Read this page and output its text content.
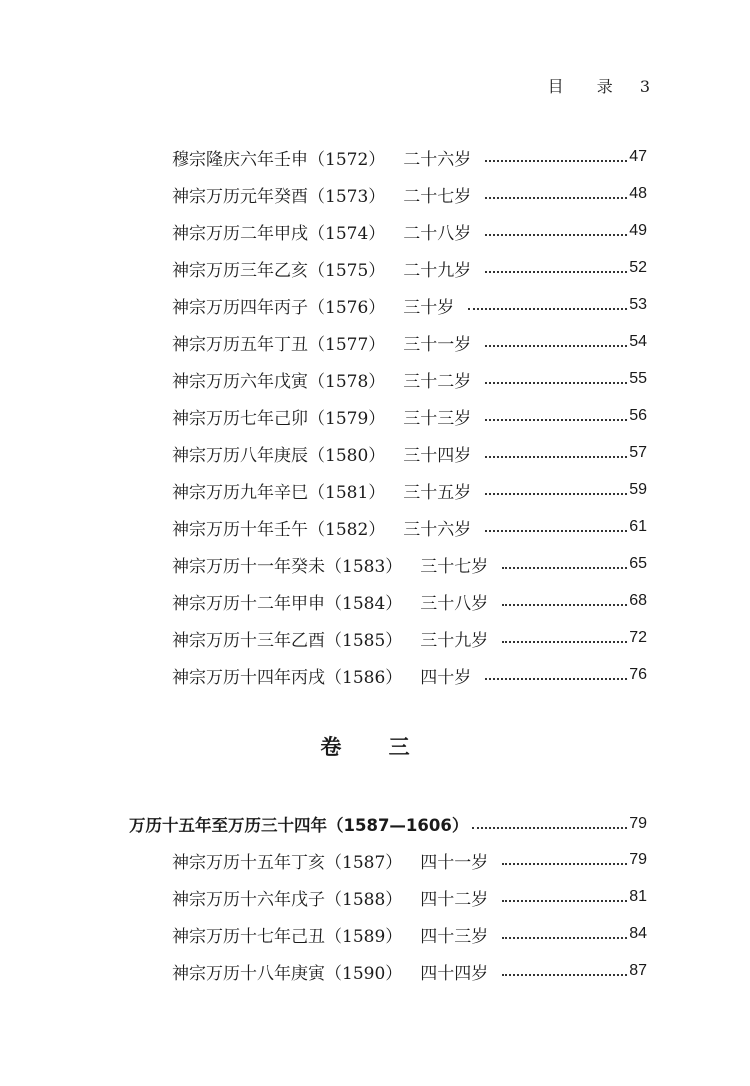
目 录 3
穆宗隆庆六年壬申（1572） 二十六岁	47
神宗万历元年癸酉（1573） 二十七岁	48
神宗万历二年甲戌（1574） 二十八岁	49
神宗万历三年乙亥（1575） 二十九岁	52
神宗万历四年丙子（1576） 三十岁	53
神宗万历五年丁丑（1577） 三十一岁	54
神宗万历六年戊寅（1578） 三十二岁	55
神宗万历七年己卯（1579） 三十三岁	56
神宗万历八年庚辰（1580） 三十四岁	57
神宗万历九年辛巳（1581） 三十五岁	59
神宗万历十年壬午（1582） 三十六岁	61
神宗万历十一年癸未（1583） 三十七岁	65
神宗万历十二年甲申（1584） 三十八岁	68
神宗万历十三年乙酉（1585） 三十九岁	72
神宗万历十四年丙戌（1586） 四十岁	76
卷 三
万历十五年至万历三十四年（1587—1606）	79
神宗万历十五年丁亥（1587） 四十一岁	79
神宗万历十六年戊子（1588） 四十二岁	81
神宗万历十七年己丑（1589） 四十三岁	84
神宗万历十八年庚寅（1590） 四十四岁	87
